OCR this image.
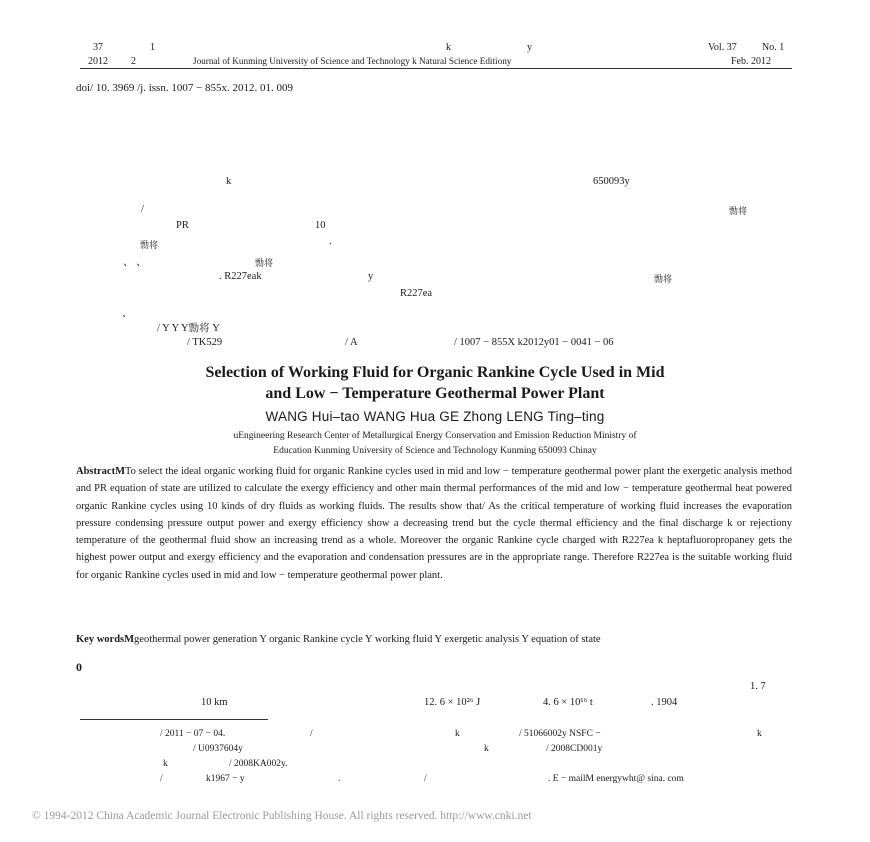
37	1	k	y	Vol. 37	No. 1
2012 2	Journal of Kunming University of Science and Technology k Natural Science Editiony	Feb. 2012
doi/ 10. 3969 /j. issn. 1007 − 855x. 2012. 01. 009
k	650093y
/	勡将
PR	10
勡将	.
、 、	勡将
. R227eak	y	勡将
R227ea
、
/ Y Y Y勡将 Y
/ TK529	/ A	/ 1007 − 855X k2012y01 − 0041 − 06
Selection of Working Fluid for Organic Rankine Cycle Used in Mid
and Low − Temperature Geothermal Power Plant
WANG Hui–tao WANG Hua GE Zhong LENG Ting–ting
uEngineering Research Center of Metallurgical Energy Conservation and Emission Reduction Ministry of
Education Kunming University of Science and Technology Kunming 650093 Chinay
AbstractMTo select the ideal organic working fluid for organic Rankine cycles used in mid and low − temperature geothermal power plant the exergetic analysis method and PR equation of state are utilized to calculate the exergy efficiency and other main thermal performances of the mid and low − temperature geothermal heat powered organic Rankine cycles using 10 kinds of dry fluids as working fluids. The results show that/ As the critical temperature of working fluid increases the evaporation pressure condensing pressure output power and exergy efficiency show a decreasing trend but the cycle thermal efficiency and the final discharge k or rejectiony temperature of the geothermal fluid show an increasing trend as a whole. Moreover the organic Rankine cycle charged with R227ea k heptafluoropropaney gets the highest power output and exergy efficiency and the evaporation and condensation pressures are in the appropriate range. Therefore R227ea is the suitable working fluid for organic Rankine cycles used in mid and low − temperature geothermal power plant.
Key wordsMgeothermal power generation Y organic Rankine cycle Y working fluid Y exergetic analysis Y equation of state
0
1. 7
10 km	12. 6 × 10²⁶ J	4. 6 × 10¹⁶ t	. 1904
/ 2011 − 07 − 04.	/	k	/ 51066002y NSFC −	k
/ U0937604y	k	/ 2008CD001y
k	/ 2008KA002y.
/	k1967 − y	.	/	. E − mailM energywht@ sina. com
© 1994-2012 China Academic Journal Electronic Publishing House. All rights reserved. http://www.cnki.net
